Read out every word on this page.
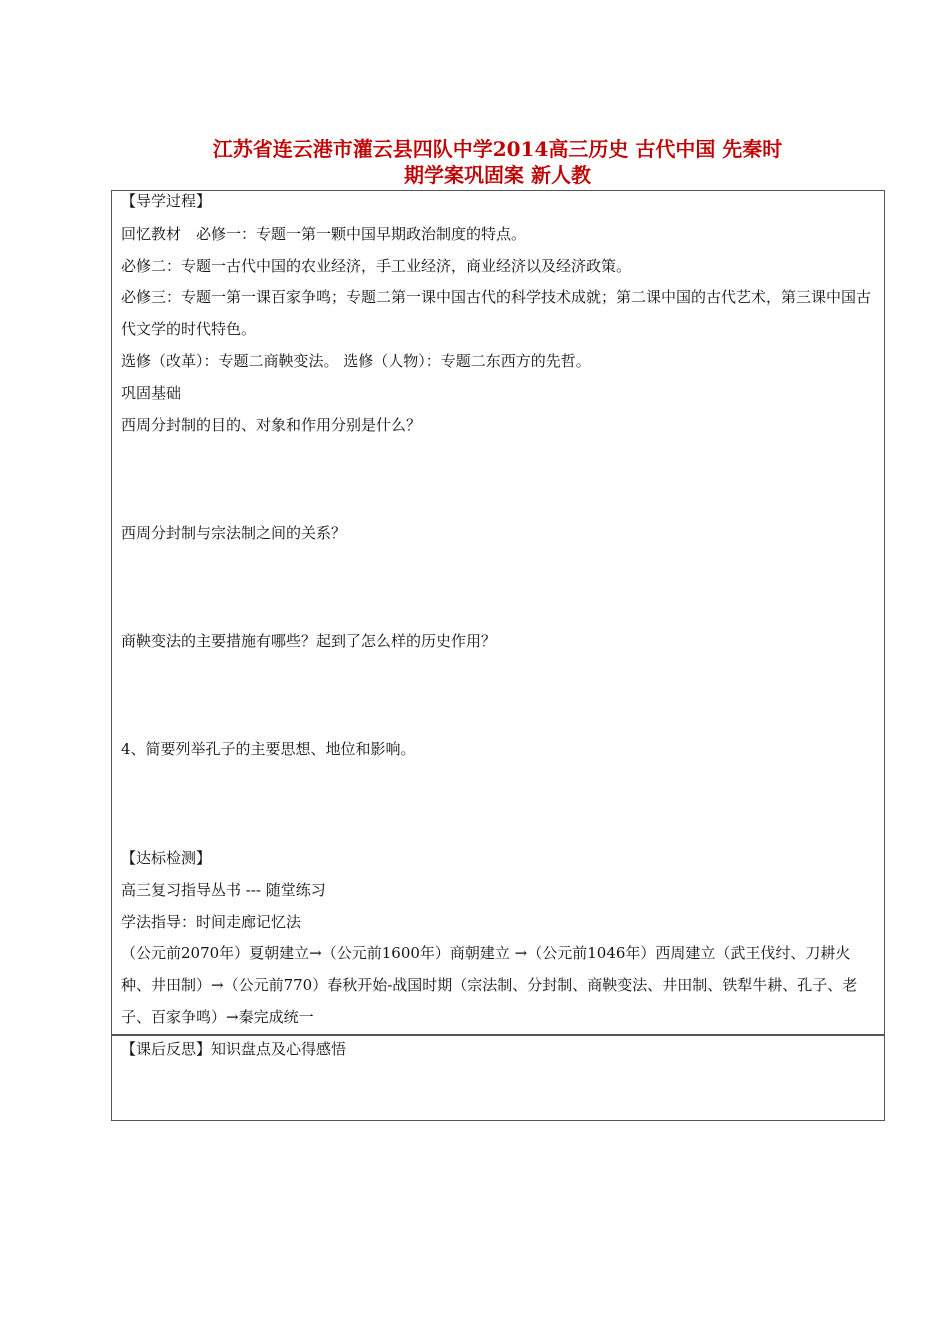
江苏省连云港市灌云县四队中学2014高三历史 古代中国 先秦时
期学案巩固案 新人教
【导学过程】
回忆教材　必修一：专题一第一颗中国早期政治制度的特点。
必修二：专题一古代中国的农业经济，手工业经济，商业经济以及经济政策。
必修三：专题一第一课百家争鸣；专题二第一课中国古代的科学技术成就；第二课中国的古代艺术，第三课中国古代文学的时代特色。
选修（改革）：专题二商鞅变法。 选修（人物）：专题二东西方的先哲。
巩固基础
西周分封制的目的、对象和作用分别是什么？
西周分封制与宗法制之间的关系？
商鞅变法的主要措施有哪些？起到了怎么样的历史作用？
4、简要列举孔子的主要思想、地位和影响。
【达标检测】
高三复习指导丛书 --- 随堂练习
学法指导：时间走廊记忆法
（公元前2070年）夏朝建立→（公元前1600年）商朝建立 →（公元前1046年）西周建立（武王伐纣、刀耕火种、井田制）→（公元前770）春秋开始-战国时期（宗法制、分封制、商鞅变法、井田制、铁犁牛耕、孔子、老子、百家争鸣）→秦完成统一
【课后反思】知识盘点及心得感悟
